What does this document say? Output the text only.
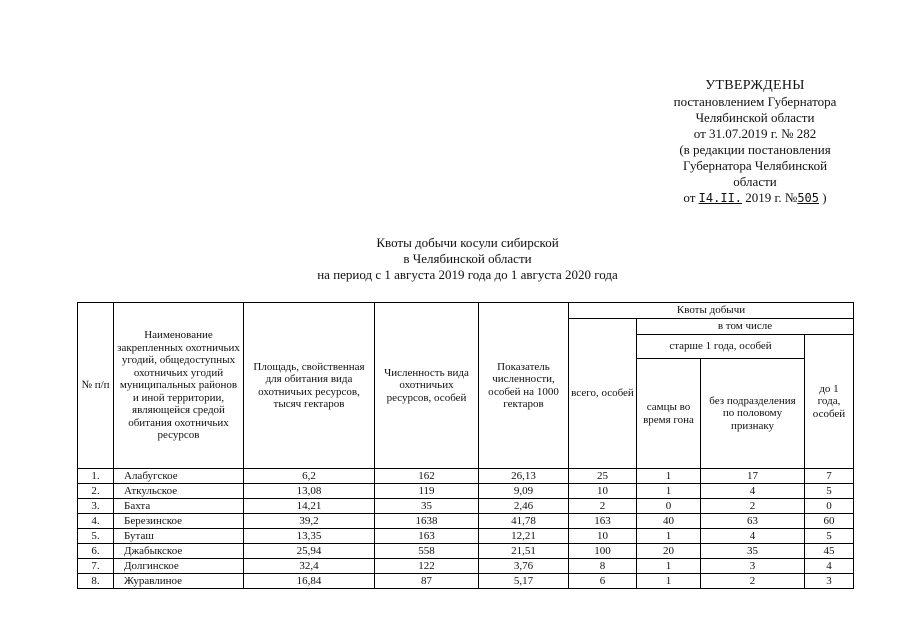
УТВЕРЖДЕНЫ
постановлением Губернатора
Челябинской области
от 31.07.2019 г. № 282
(в редакции постановления
Губернатора Челябинской
области
от I4.II. 2019 г. №505 )
Квоты добычи косули сибирской
в Челябинской области
на период с 1 августа 2019 года до 1 августа 2020 года
№ п/п	Наименование закрепленных охотничьих угодий, общедоступных охотничьих угодий муниципальных районов и иной территории, являющейся средой обитания охотничьих ресурсов	Площадь, свойственная для обитания вида охотничьих ресурсов, тысяч гектаров	Численность вида охотничьих ресурсов, особей	Показатель численности, особей на 1000 гектаров	Квоты добычи			
					всего, особей	в том числе		
						старше 1 года, особей		до 1 года, особей
						самцы во время гона	без подразделения по половому признаку	
1.	Алабугское	6,2	162	26,13	25	1	17	7
2.	Аткульское	13,08	119	9,09	10	1	4	5
3.	Бахта	14,21	35	2,46	2	0	2	0
4.	Березинское	39,2	1638	41,78	163	40	63	60
5.	Буташ	13,35	163	12,21	10	1	4	5
6.	Джабыкское	25,94	558	21,51	100	20	35	45
7.	Долгинское	32,4	122	3,76	8	1	3	4
8.	Журавлиное	16,84	87	5,17	6	1	2	3
